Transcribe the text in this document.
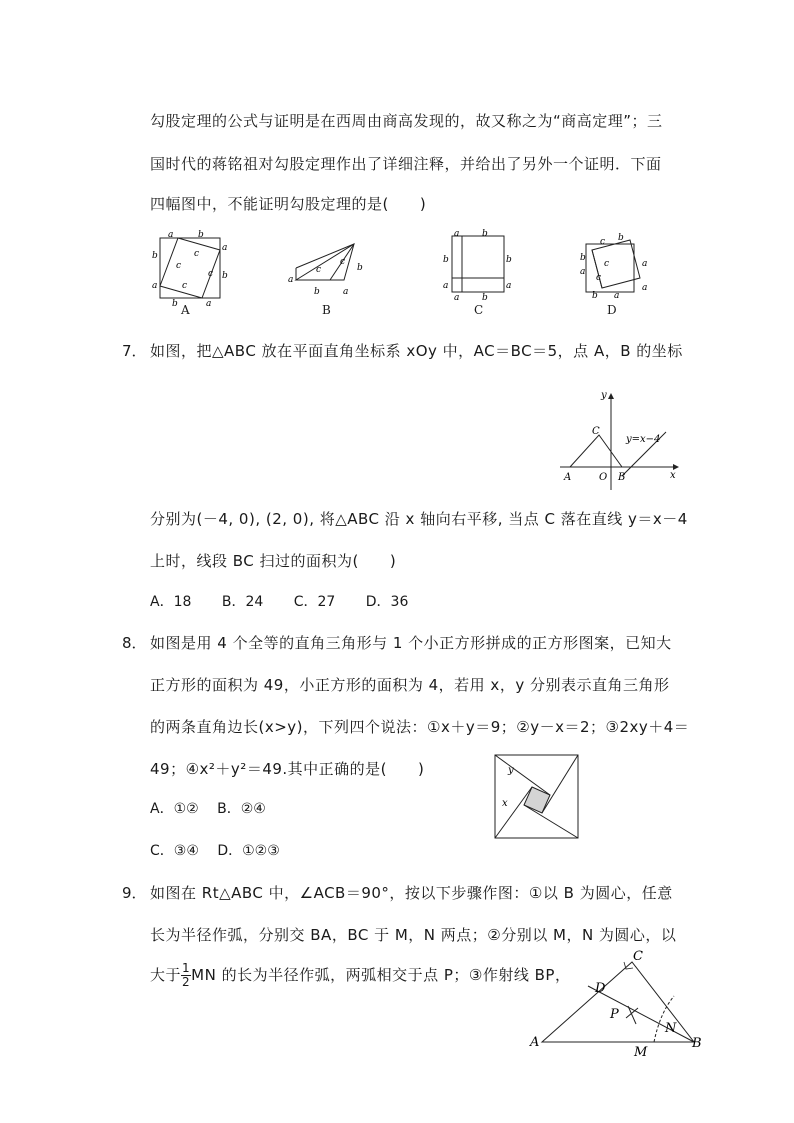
勾股定理的公式与证明是在西周由商高发现的，故又称之为“商高定理”；三
国时代的蒋铭祖对勾股定理作出了详细注释，并给出了另外一个证明．下面
四幅图中，不能证明勾股定理的是(　　)
a	b
a
b
b
a
b	a
c
c
c
c
A
a
b	a
b
c
c
B
a	b
b	b
a	a
a	b
C
c b
a
b
c
c
a
a
a
b
D
7． 如图，把△ABC 放在平面直角坐标系 xOy 中，AC＝BC＝5，点 A，B 的坐标
y
x
A	O B
C
y=x−4
分别为(－4, 0), (2, 0), 将△ABC 沿 x 轴向右平移, 当点 C 落在直线 y＝x－4
上时，线段 BC 扫过的面积为(　　)
A．18 B．24 C．27 D．36
8． 如图是用 4 个全等的直角三角形与 1 个小正方形拼成的正方形图案，已知大
正方形的面积为 49，小正方形的面积为 4，若用 x，y 分别表示直角三角形
的两条直角边长(x>y)，下列四个说法：①x＋y＝9；②y－x＝2；③2xy＋4＝
49；④x²＋y²＝49.其中正确的是(　　)	y
x
A．①② B．②④
C．③④ D．①②③
9． 如图在 Rt△ABC 中，∠ACB＝90°，按以下步骤作图：①以 B 为圆心，任意
长为半径作弧，分别交 BA，BC 于 M，N 两点；②分别以 M，N 为圆心，以
大于 $\frac{1}{2}MN$ 的长为半径作弧，两弧相交于点 P；③作射线 BP，
C
D
N
P
A
M
B
